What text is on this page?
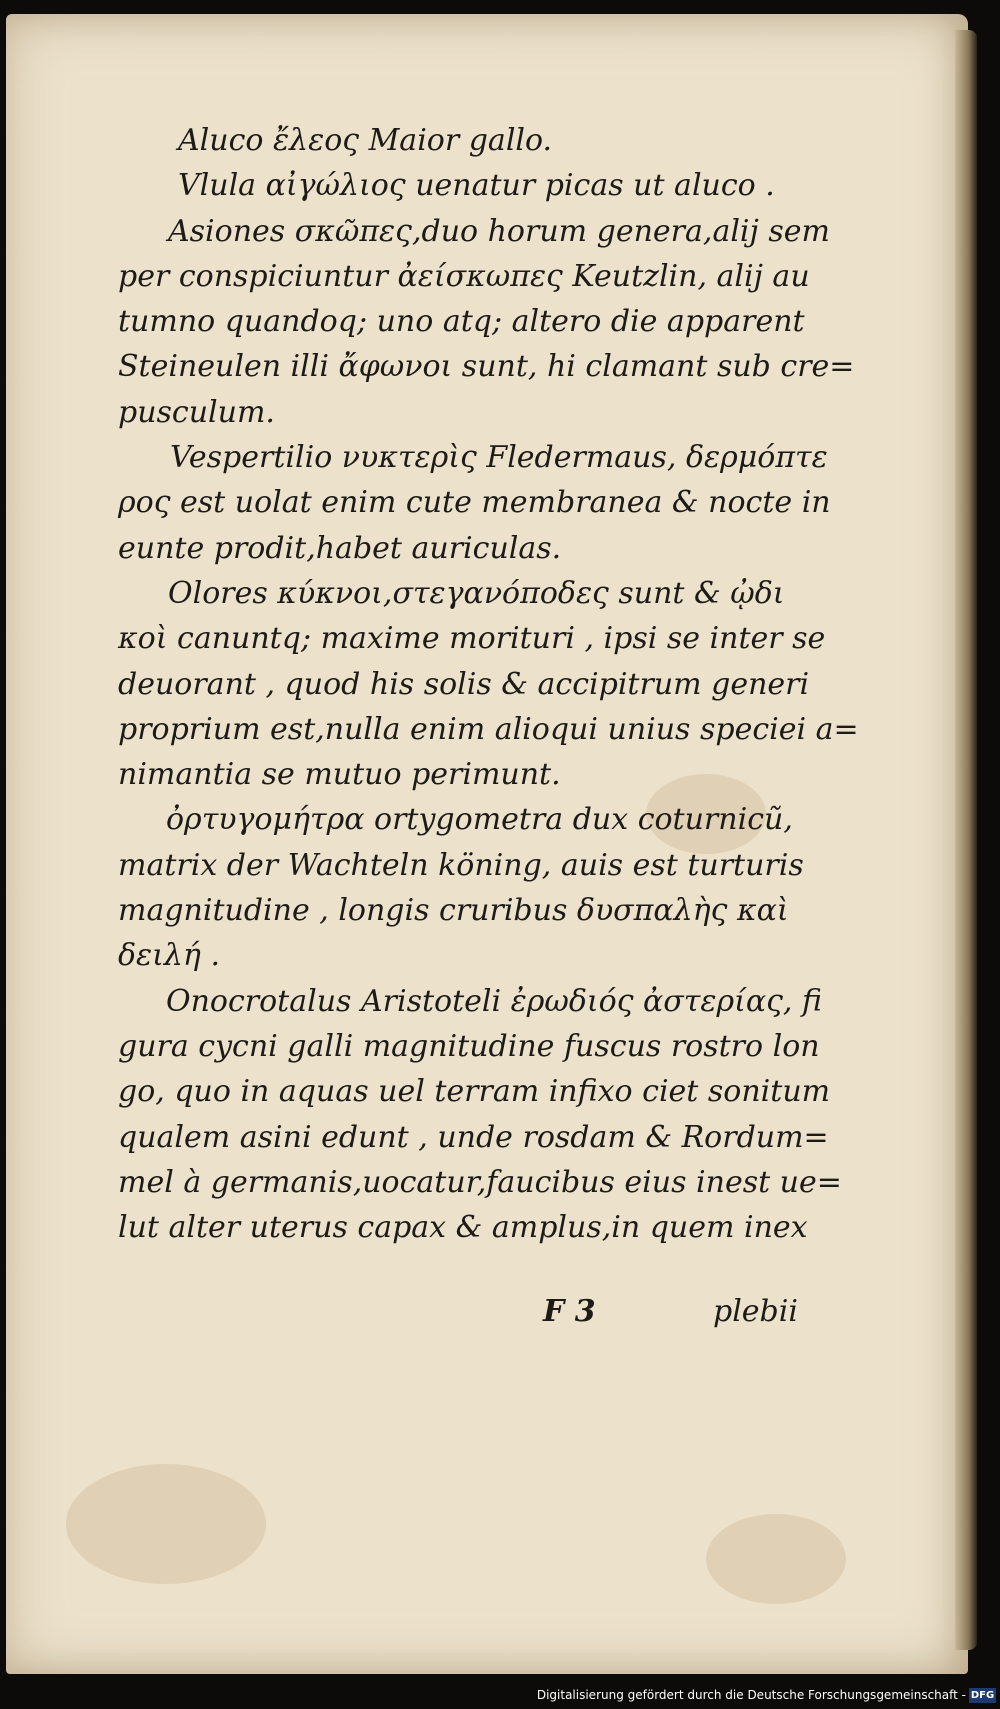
Aluco ἔλεος Maior gallo.
Vlula αἰγώλιος uenatur picas ut aluco .
Asiones σκῶπες,duo horum genera,alij sem
per conspiciuntur ἀείσκωπες Keutzlin, alij au
tumno quandoq; uno atq; altero die apparent
Steineulen illi ἄφωνοι sunt, hi clamant sub cre=
pusculum.
Vespertilio νυκτερὶς Fledermaus, δερμόπτε
ρος est uolat enim cute membranea & nocte in
eunte prodit,habet auriculas.
Olores κύκνοι,στεγανόποδες sunt & ᾠδι
κοὶ canuntq; maxime morituri , ipsi se inter se
deuorant , quod his solis & accipitrum generi
proprium est,nulla enim alioqui unius speciei a=
nimantia se mutuo perimunt.
ὀρτυγομήτρα ortygometra dux coturnicũ,
matrix der Wachteln köning, auis est turturis
magnitudine , longis cruribus δυσπαλὴς καὶ
δειλή .
Onocrotalus Aristoteli ἐρωδιός ἀστερίας, fi
gura cycni galli magnitudine fuscus rostro lon
go, quo in aquas uel terram infixo ciet sonitum
qualem asini edunt , unde rosdam & Rordum=
mel à germanis,uocatur,faucibus eius inest ue=
lut alter uterus capax & amplus,in quem inex
F 3	plebii
Digitalisierung gefördert durch die Deutsche Forschungsgemeinschaft - DFG
